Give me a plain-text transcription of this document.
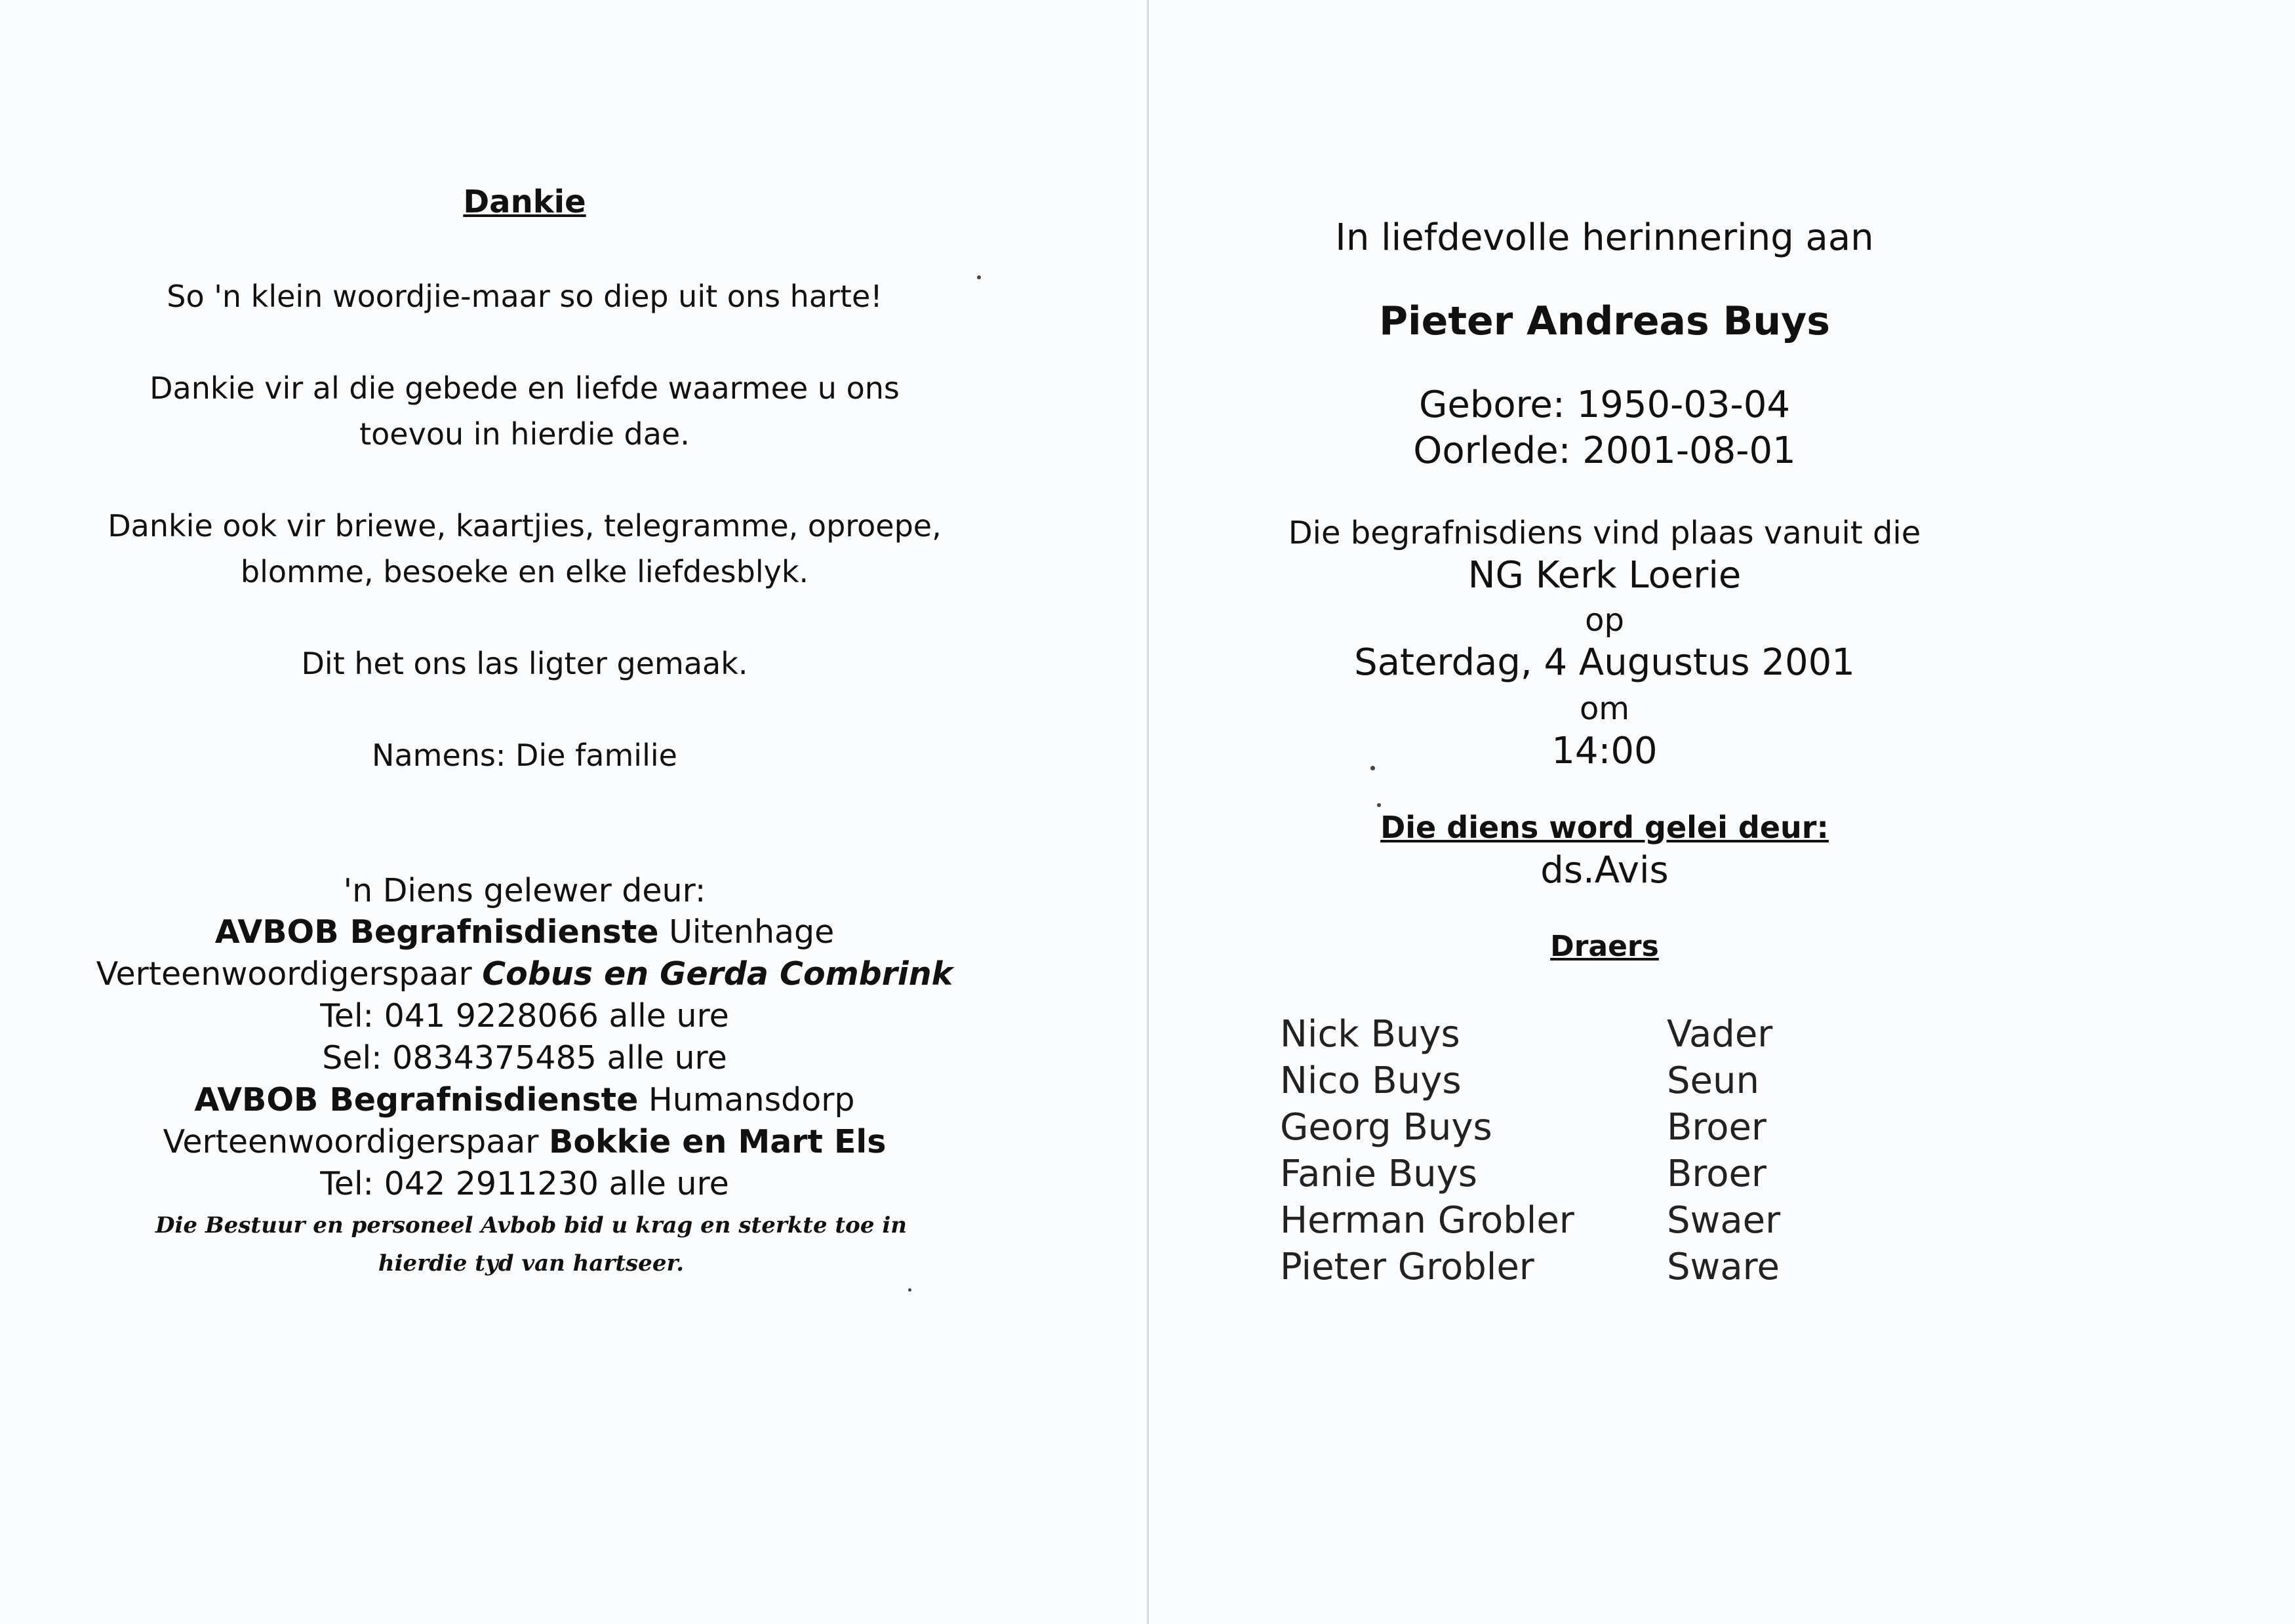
Dankie
So 'n klein woordjie-maar so diep uit ons harte!
Dankie vir al die gebede en liefde waarmee u ons
toevou in hierdie dae.
Dankie ook vir briewe, kaartjies, telegramme, oproepe,
blomme, besoeke en elke liefdesblyk.
Dit het ons las ligter gemaak.
Namens: Die familie
'n Diens gelewer deur:
AVBOB Begrafnisdienste Uitenhage
Verteenwoordigerspaar Cobus en Gerda Combrink
Tel: 041 9228066 alle ure
Sel: 0834375485 alle ure
AVBOB Begrafnisdienste Humansdorp
Verteenwoordigerspaar Bokkie en Mart Els
Tel: 042 2911230 alle ure
Die Bestuur en personeel Avbob bid u krag en sterkte toe in hierdie tyd van hartseer.
In liefdevolle herinnering aan
Pieter Andreas Buys
Gebore: 1950-03-04
Oorlede: 2001-08-01
Die begrafnisdiens vind plaas vanuit die
NG Kerk Loerie
op
Saterdag, 4 Augustus 2001
om
14:00
Die diens word gelei deur:
ds.Avis
Draers
Nick Buys	Vader
Nico Buys	Seun
Georg Buys	Broer
Fanie Buys	Broer
Herman Grobler	Swaer
Pieter Grobler	Sware
